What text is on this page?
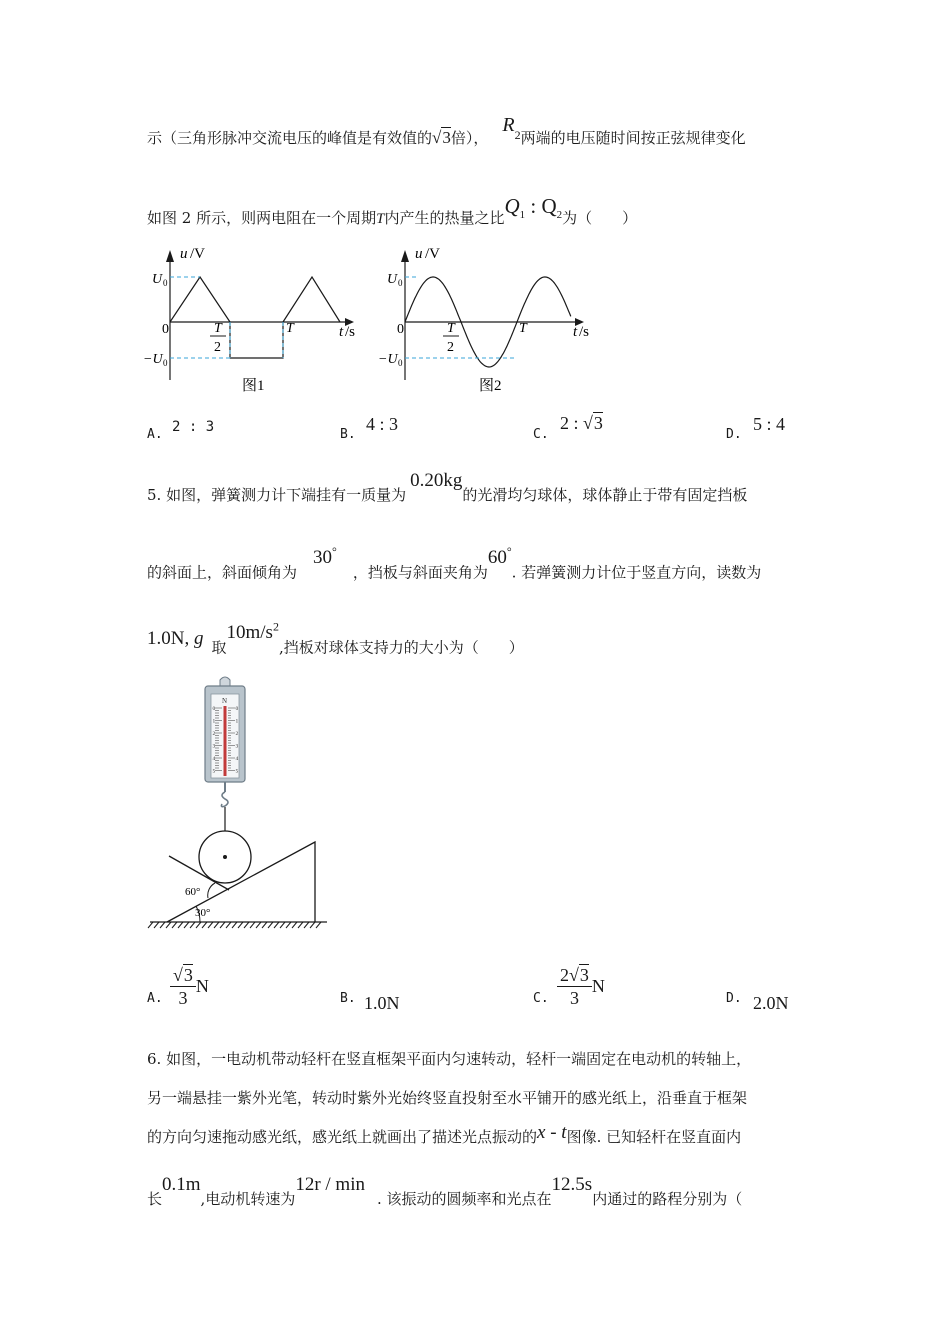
示（三角形脉冲交流电压的峰值是有效值的√3倍），$R^2$两端的电压随时间按正弦规律变化
如图 2 所示，则两电阻在一个周期T内产生的热量之比$Q_1$ : $Q_2$为（　　）
u /V
U 0
−U 0
0	T
2
T	t /s
图1
u /V
U 0
−U 0
0	T
2
T	t /s
图2
A. 2 : 3	B.
4 : 3
C.
2 : √3
D.
5 : 4
5. 如图，弹簧测力计下端挂有一质量为0.20kg的光滑均匀球体，球体静止于带有固定挡板
的斜面上，斜面倾角为30°，挡板与斜面夹角为60°. 若弹簧测力计位于竖直方向，读数为
1.0N, g 取$10m/s^2$,挡板对球体支持力的大小为（　　）
N
0	0
1	1
2	2
3	3
4	4
5	5
60°
30°
A. $\frac{√3}{3}$ N
B. 1.0N	C. $\frac{2√3}{3}$ N
D. 2.0N
6. 如图，一电动机带动轻杆在竖直框架平面内匀速转动，轻杆一端固定在电动机的转轴上，
另一端悬挂一紫外光笔，转动时紫外光始终竖直投射至水平铺开的感光纸上，沿垂直于框架
的方向匀速拖动感光纸，感光纸上就画出了描述光点振动的x - t图像. 已知轻杆在竖直面内
长0.1m,电动机转速为12r / min. 该振动的圆频率和光点在12.5s内通过的路程分别为（
